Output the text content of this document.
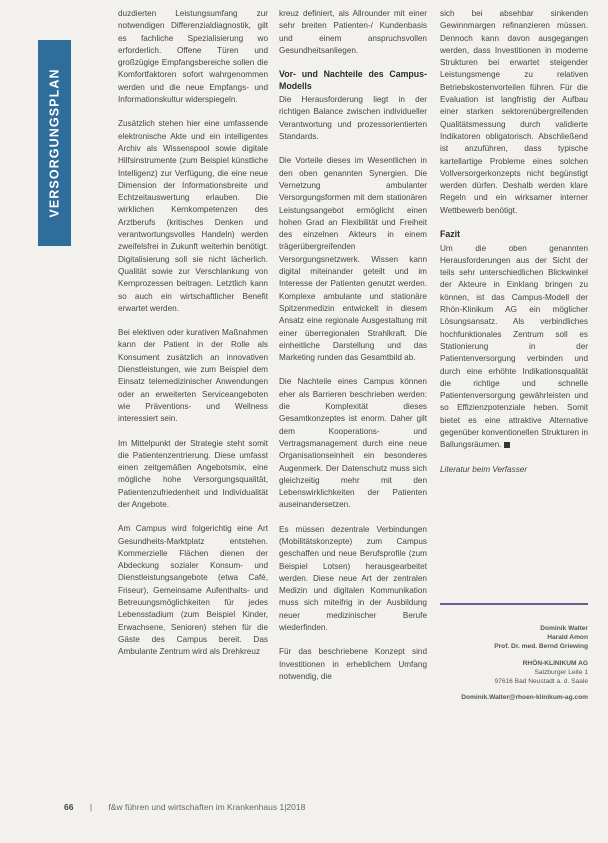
VERSORGUNGSPLAN

duzdierten Leistungsumfang zur notwendigen Differenzialdiagnostik, gilt es fachliche Spezialisierung wo erforderlich. Offene Türen und großzügige Empfangsbereiche sollen die Komfortfaktoren sofort wahrgenommen werden und die neue Empfangs- und Informationskultur widerspiegeln.

Zusätzlich stehen hier eine umfassende elektronische Akte und ein intelligentes Archiv als Wissenspool sowie digitale Hilfsinstrumente (zum Beispiel künstliche Intelligenz) zur Verfügung, die eine neue Dimension der Informationsbreite und Echtzeitauswertung erlauben. Die wirklichen Kernkompetenzen des Arztberufs (kritisches Denken und verantwortungsvolles Handeln) werden zweifelsfrei in Zukunft weiterhin benötigt. Digitalisierung soll sie nicht lächerlich. Qualität sowie zur Verschlankung von Kernprozessen beitragen. Letztlich kann so auch ein wirtschaftlicher Benefit erwartet werden.

Bei elektiven oder kurativen Maßnahmen kann der Patient in der Rolle als Konsument zusätzlich an innovativen Dienstleistungen, wie zum Beispiel dem Einsatz telemedizinischer Anwendungen oder an erweiterten Serviceangeboten wie Präventions- und Wellness interessiert sein.

Im Mittelpunkt der Strategie steht somit die Patientenzentrierung. Diese umfasst einen zeitgemäßen Angebotsmix, eine mögliche hohe Versorgungsqualität, Patientenzufriedenheit und Individualität der Angebote.

Am Campus wird folgerichtig eine Art Gesundheits-Marktplatz entstehen. Kommerzielle Flächen dienen der Abdeckung sozialer Konsum- und Dienstleistungsangebote (etwa Café, Friseur), Gemeinsame Aufenthalts- und Betreuungsmöglichkeiten für jedes Lebensstadium (zum Beispiel Kinder, Erwachsene, Senioren) stehen für die Gäste des Campus bereit. Das Ambulante Zentrum wird als Drehkreuz

kreuz definiert, als Allrounder mit einer sehr breiten Patienten-/ Kundenbasis und einem anspruchsvollen Gesundheitsanliegen.

Vor- und Nachteile des Campus-Modells

Die Herausforderung liegt in der richtigen Balance zwischen individueller Verantwortung und prozessorientierten Standards.

Die Vorteile dieses im Wesentlichen in den oben genannten Synergien. Die Vernetzung ambulanter Versorgungsformen mit dem stationären Leistungsangebot ermöglicht einen hohen Grad an Flexibilität und Freiheit des einzelnen Akteurs in einem trägerübergreifenden Versorgungsnetzwerk. Wissen kann digital miteinander geteilt und im Interesse der Patienten genutzt werden. Komplexe ambulante und stationäre Spitzenmedizin entwickelt in diesem Ansatz eine regionale Ausgestaltung mit einer überregionalen Strahlkraft. Die einheitliche Darstellung und das Marketing runden das Gesamtbild ab.

Die Nachteile eines Campus können eher als Barrieren beschrieben werden: die Komplexität dieses Gesamtkonzeptes ist enorm. Daher gilt dem Kooperations- und Vertragsmanagement durch eine neue Organisationseinheit ein besonderes Augenmerk. Der Datenschutz muss sich gleichzeitig mehr mit den Lebenswirklichkeiten der Patienten auseinandersetzen.

Es müssen dezentrale Verbindungen (Mobilitätskonzepte) zum Campus geschaffen und neue Berufsprofile (zum Beispiel Lotsen) herausgearbeitet werden. Diese neue Art der zentralen Medizin und digitalen Kommunikation muss sich miteifrig in der Ausbildung neuer medizinischer Berufe wiederfinden.

Für das beschriebene Konzept sind Investitionen in erheblichem Umfang notwendig, die

sich bei absehbar sinkenden Gewinnmargen refinanzieren müssen. Dennoch kann davon ausgegangen werden, dass Investitionen in moderne Strukturen bei erwartet steigender Leistungsmenge zu relativen Betriebskostenvorteilen führen. Für die Evaluation ist langfristig der Aufbau einer starken sektorenübergreifenden Qualitätsmessung durch validierte Indikatoren obligatorisch. Abschließend ist anzuführen, dass typische kartellartige Probleme eines solchen Vollversorgerkonzepts nicht begünstigt werden dürfen. Deshalb werden klare Regeln und ein wirksamer interner Wettbewerb benötigt.

Fazit

Um die oben genannten Herausforderungen aus der Sicht der teils sehr unterschiedlichen Blickwinkel der Akteure in Einklang bringen zu können, ist das Campus-Modell der Rhön-Klinikum AG ein möglicher Lösungsansatz. Als verbindliches hochfunktionales Zentrum soll es Stationierung in der Patientenversorgung verbinden und durch eine erhöhte Indikationsqualität die richtige und schnelle Patientenversorgung gewährleisten und so Effizienzpotenziale heben. Somit bietet es eine attraktive Alternative gegenüber konventionellen Strukturen in Ballungsräumen.

Literatur beim Verfasser

Dominik Walter
Harald Amon
Prof. Dr. med. Bernd Griewing
RHÖN-KLINIKUM AG
Salzburger Leite 1
97616 Bad Neustadt a. d. Saale
Dominik.Walter@rhoen-klinikum-ag.com
66 | f&w führen und wirtschaften im Krankenhaus 1|2018
